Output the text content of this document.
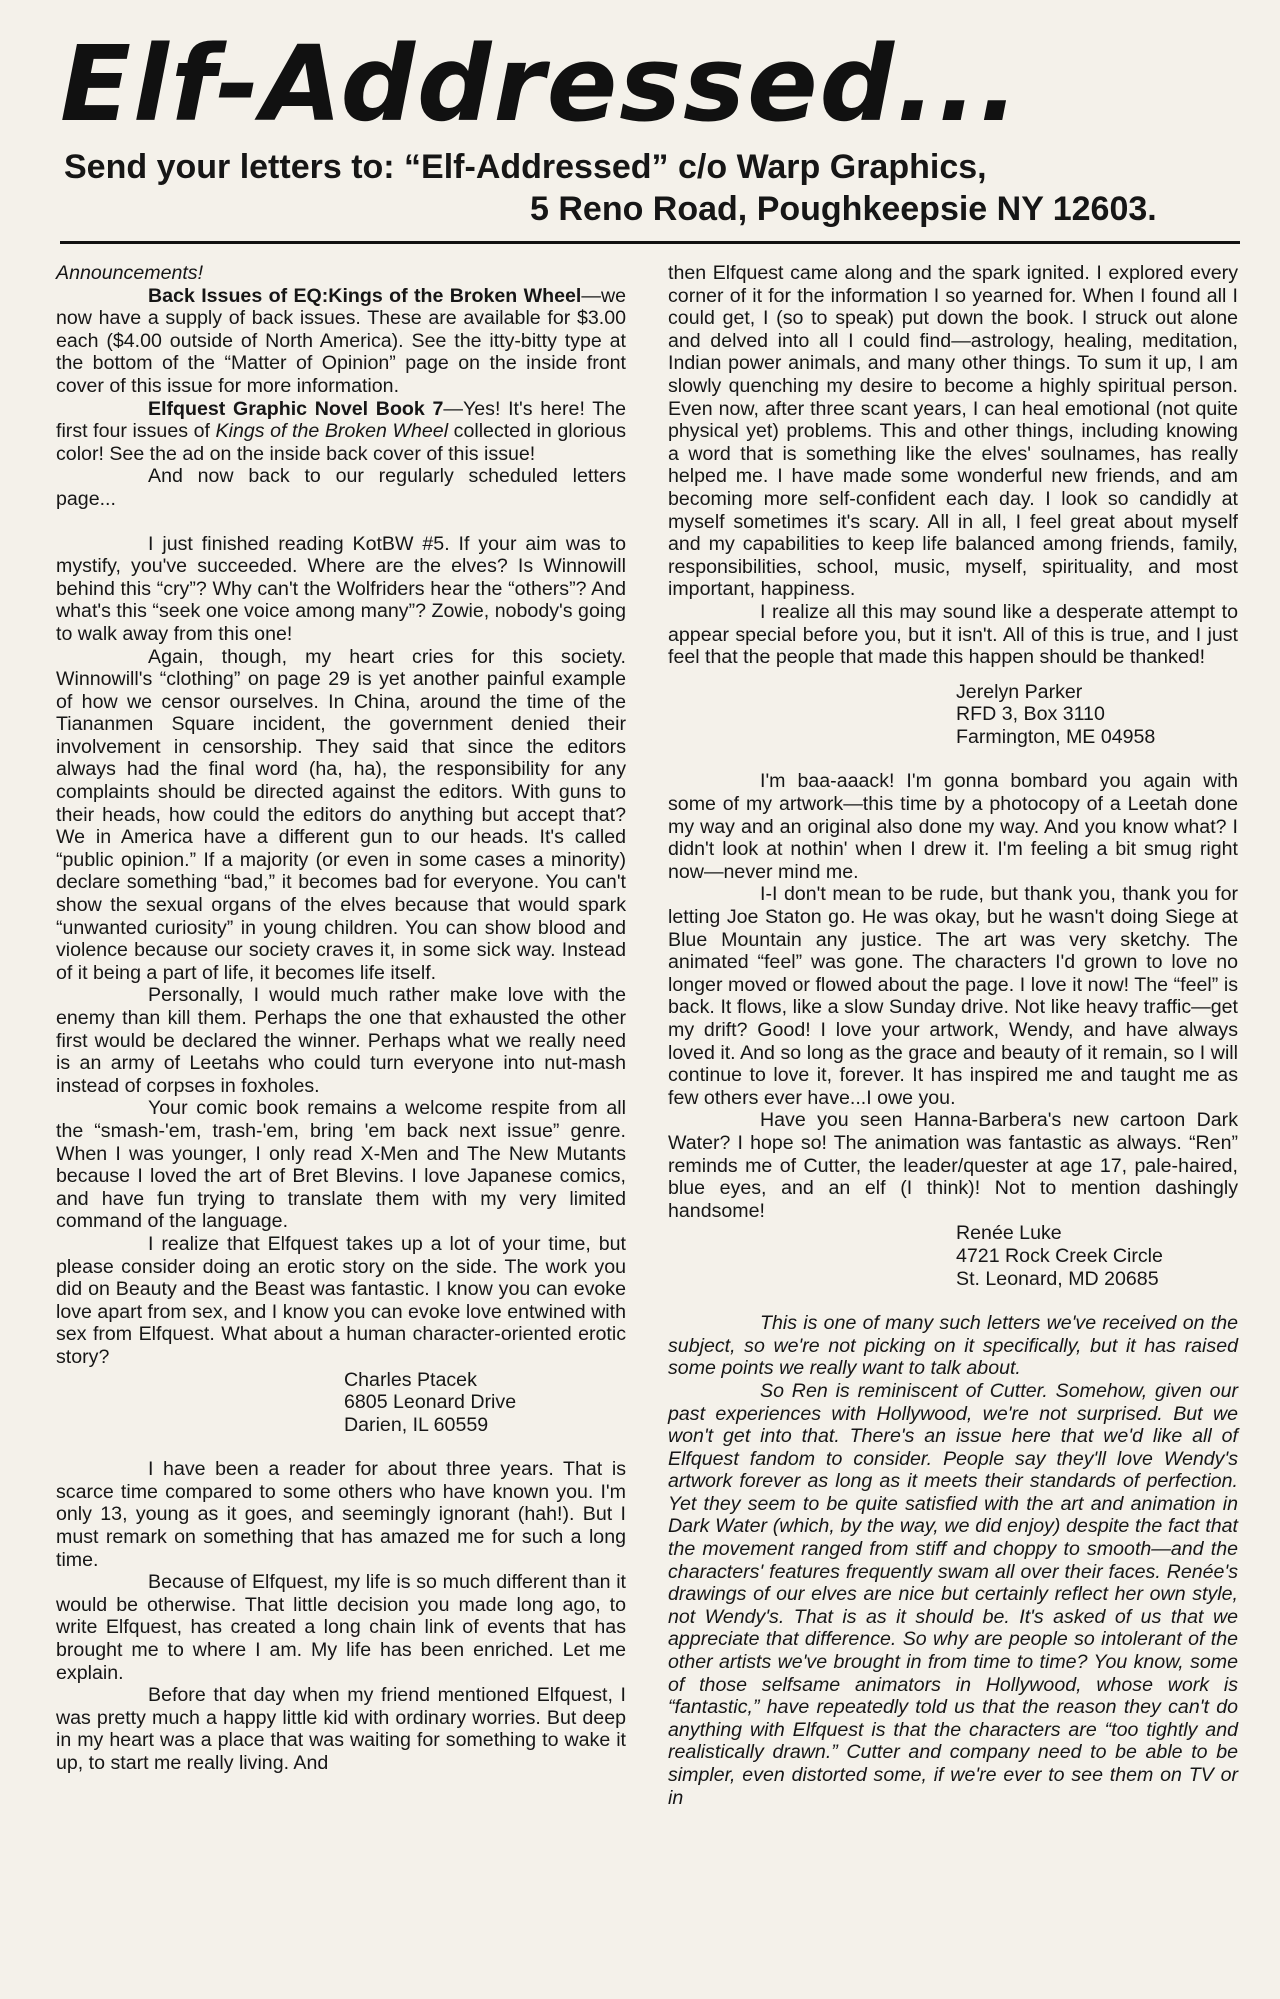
Elf-Addressed...

Send your letters to: “Elf-Addressed” c/o Warp Graphics,

5 Reno Road, Poughkeepsie NY 12603.

Announcements!

Back Issues of EQ:Kings of the Broken Wheel—we now have a supply of back issues. These are available for $3.00 each ($4.00 outside of North America). See the itty-bitty type at the bottom of the “Matter of Opinion” page on the inside front cover of this issue for more information.

Elfquest Graphic Novel Book 7—Yes! It's here! The first four issues of Kings of the Broken Wheel collected in glorious color! See the ad on the inside back cover of this issue!

And now back to our regularly scheduled letters page...

I just finished reading KotBW #5. If your aim was to mystify, you've succeeded. Where are the elves? Is Winnowill behind this “cry”? Why can't the Wolfriders hear the “others”? And what's this “seek one voice among many”? Zowie, nobody's going to walk away from this one!

Again, though, my heart cries for this society. Winnowill's “clothing” on page 29 is yet another painful example of how we censor ourselves. In China, around the time of the Tiananmen Square incident, the government denied their involvement in censorship. They said that since the editors always had the final word (ha, ha), the responsibility for any complaints should be directed against the editors. With guns to their heads, how could the editors do anything but accept that? We in America have a different gun to our heads. It's called “public opinion.” If a majority (or even in some cases a minority) declare something “bad,” it becomes bad for everyone. You can't show the sexual organs of the elves because that would spark “unwanted curiosity” in young children. You can show blood and violence because our society craves it, in some sick way. Instead of it being a part of life, it becomes life itself.

Personally, I would much rather make love with the enemy than kill them. Perhaps the one that exhausted the other first would be declared the winner. Perhaps what we really need is an army of Leetahs who could turn everyone into nut-mash instead of corpses in foxholes.

Your comic book remains a welcome respite from all the “smash-'em, trash-'em, bring 'em back next issue” genre. When I was younger, I only read X-Men and The New Mutants because I loved the art of Bret Blevins. I love Japanese comics, and have fun trying to translate them with my very limited command of the language.

I realize that Elfquest takes up a lot of your time, but please consider doing an erotic story on the side. The work you did on Beauty and the Beast was fantastic. I know you can evoke love apart from sex, and I know you can evoke love entwined with sex from Elfquest. What about a human character-oriented erotic story?

Charles Ptacek
6805 Leonard Drive
Darien, IL 60559

I have been a reader for about three years. That is scarce time compared to some others who have known you. I'm only 13, young as it goes, and seemingly ignorant (hah!). But I must remark on something that has amazed me for such a long time.

Because of Elfquest, my life is so much different than it would be otherwise. That little decision you made long ago, to write Elfquest, has created a long chain link of events that has brought me to where I am. My life has been enriched. Let me explain.

Before that day when my friend mentioned Elfquest, I was pretty much a happy little kid with ordinary worries. But deep in my heart was a place that was waiting for something to wake it up, to start me really living. And

then Elfquest came along and the spark ignited. I explored every corner of it for the information I so yearned for. When I found all I could get, I (so to speak) put down the book. I struck out alone and delved into all I could find—astrology, healing, meditation, Indian power animals, and many other things. To sum it up, I am slowly quenching my desire to become a highly spiritual person. Even now, after three scant years, I can heal emotional (not quite physical yet) problems. This and other things, including knowing a word that is something like the elves' soulnames, has really helped me. I have made some wonderful new friends, and am becoming more self-confident each day. I look so candidly at myself sometimes it's scary. All in all, I feel great about myself and my capabilities to keep life balanced among friends, family, responsibilities, school, music, myself, spirituality, and most important, happiness.

I realize all this may sound like a desperate attempt to appear special before you, but it isn't. All of this is true, and I just feel that the people that made this happen should be thanked!

Jerelyn Parker
RFD 3, Box 3110
Farmington, ME 04958

I'm baa-aaack! I'm gonna bombard you again with some of my artwork—this time by a photocopy of a Leetah done my way and an original also done my way. And you know what? I didn't look at nothin' when I drew it. I'm feeling a bit smug right now—never mind me.

I-I don't mean to be rude, but thank you, thank you for letting Joe Staton go. He was okay, but he wasn't doing Siege at Blue Mountain any justice. The art was very sketchy. The animated “feel” was gone. The characters I'd grown to love no longer moved or flowed about the page. I love it now! The “feel” is back. It flows, like a slow Sunday drive. Not like heavy traffic—get my drift? Good! I love your artwork, Wendy, and have always loved it. And so long as the grace and beauty of it remain, so I will continue to love it, forever. It has inspired me and taught me as few others ever have...I owe you.

Have you seen Hanna-Barbera's new cartoon Dark Water? I hope so! The animation was fantastic as always. “Ren” reminds me of Cutter, the leader/quester at age 17, pale-haired, blue eyes, and an elf (I think)! Not to mention dashingly handsome!

Renée Luke
4721 Rock Creek Circle
St. Leonard, MD 20685

This is one of many such letters we've received on the subject, so we're not picking on it specifically, but it has raised some points we really want to talk about.

So Ren is reminiscent of Cutter. Somehow, given our past experiences with Hollywood, we're not surprised. But we won't get into that. There's an issue here that we'd like all of Elfquest fandom to consider. People say they'll love Wendy's artwork forever as long as it meets their standards of perfection. Yet they seem to be quite satisfied with the art and animation in Dark Water (which, by the way, we did enjoy) despite the fact that the movement ranged from stiff and choppy to smooth—and the characters' features frequently swam all over their faces. Renée's drawings of our elves are nice but certainly reflect her own style, not Wendy's. That is as it should be. It's asked of us that we appreciate that difference. So why are people so intolerant of the other artists we've brought in from time to time? You know, some of those selfsame animators in Hollywood, whose work is “fantastic,” have repeatedly told us that the reason they can't do anything with Elfquest is that the characters are “too tightly and realistically drawn.” Cutter and company need to be able to be simpler, even distorted some, if we're ever to see them on TV or in
